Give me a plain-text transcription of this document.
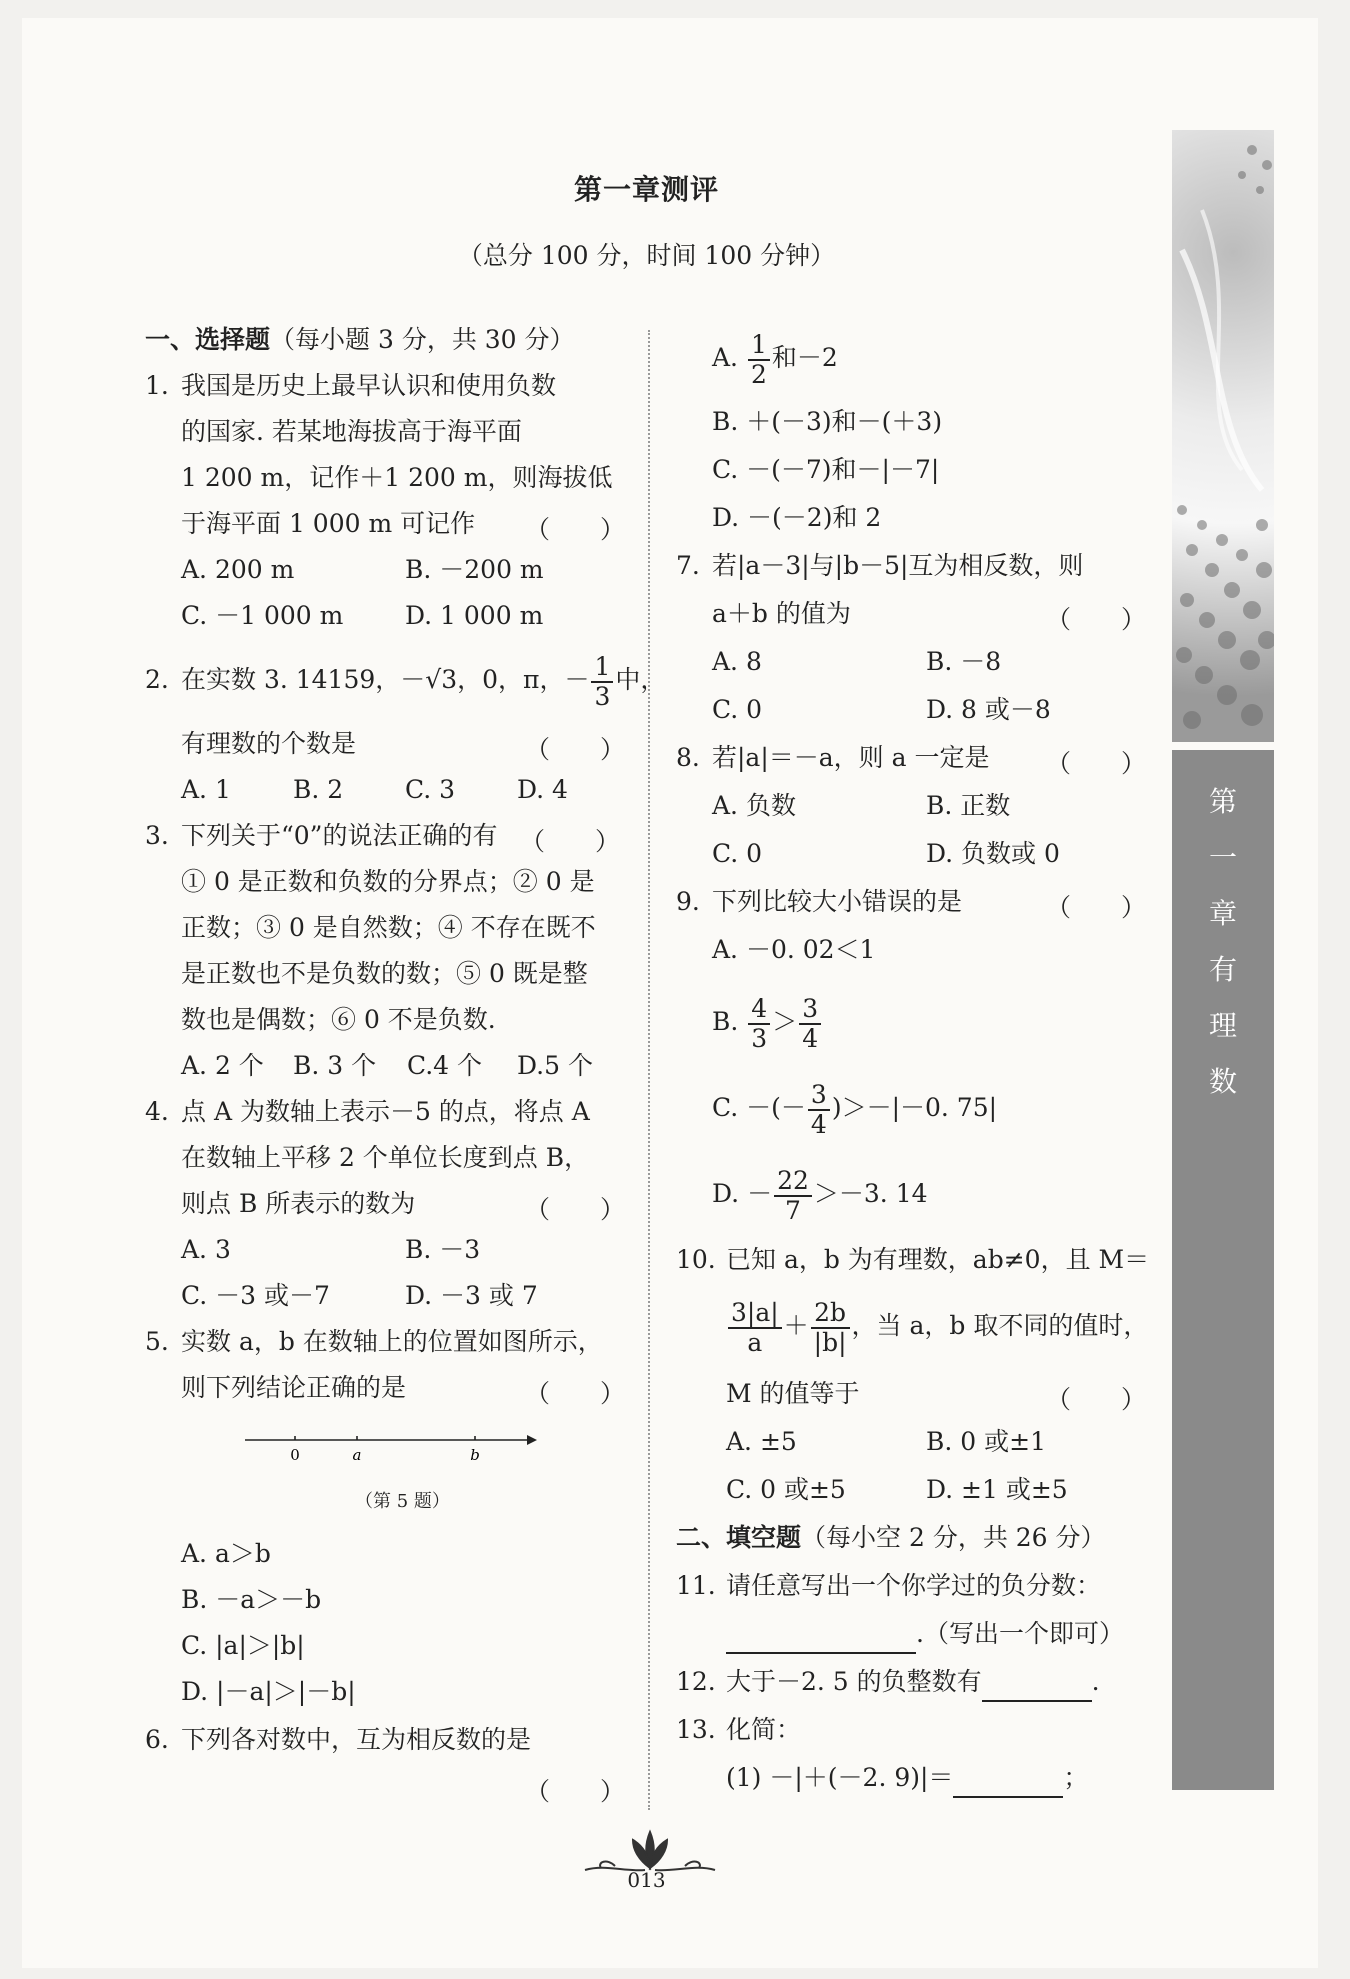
第一章测评
（总分 100 分，时间 100 分钟）
一、选择题（每小题 3 分，共 30 分）
1. 我国是历史上最早认识和使用负数
的国家. 若某地海拔高于海平面
1 200 m，记作＋1 200 m，则海拔低
于海平面 1 000 m 可记作 （　　）
A. 200 m	B. －200 m
C. －1 000 m D. 1 000 m
2. 在实数 3. 14159，－√3，0，π，－ $\frac{1}{3}$ 中，
有理数的个数是	（　　）
A. 1 B. 2 C. 3 D. 4
3. 下列关于“0”的说法正确的有 （　　）
① 0 是正数和负数的分界点；② 0 是
正数；③ 0 是自然数；④ 不存在既不
是正数也不是负数的数；⑤ 0 既是整
数也是偶数；⑥ 0 不是负数.
A. 2 个 B. 3 个 C.4 个 D.5 个
4. 点 A 为数轴上表示－5 的点，将点 A
在数轴上平移 2 个单位长度到点 B，
则点 B 所表示的数为	（　　）
A. 3	B. －3
C. －3 或－7	D. －3 或 7
5. 实数 a，b 在数轴上的位置如图所示，
则下列结论正确的是	（　　）
0	a	b
（第 5 题）
A. a＞b
B. －a＞－b
C. |a|＞|b|
D. |－a|＞|－b|
6. 下列各对数中，互为相反数的是
（　　）
A. $\frac{1}{2}$ 和－2
B. ＋(－3)和－(＋3)
C. －(－7)和－|－7|
D. －(－2)和 2
7. 若|a－3|与|b－5|互为相反数，则
a＋b 的值为	（　　）
A. 8	B. －8
C. 0	D. 8 或－8
8. 若|a|＝－a，则 a 一定是 （　　）
A. 负数	B. 正数
C. 0	D. 负数或 0
9. 下列比较大小错误的是	（　　）
A. －0. 02＜1
B. $\frac{4}{3} > \frac{3}{4}$
C. －(－ $\frac{3}{4} )>-|-0$. 75|
D. － $\frac{22}{7} >-3$. 14
10. 已知 a，b 为有理数，ab≠0，且 M＝
$\frac{3|a|}{a} + \frac{2b}{|b|}$ ，当 a，b 取不同的值时，
M 的值等于	（　　）
A. ±5	B. 0 或±1
C. 0 或±5	D. ±1 或±5
二、填空题（每小空 2 分，共 26 分）
11. 请任意写出一个你学过的负分数：
.（写出一个即可）
12. 大于－2. 5 的负整数有	.
13. 化简：
(1) －|＋(－2. 9)|＝	；
第
一
章
有
理
数
013
